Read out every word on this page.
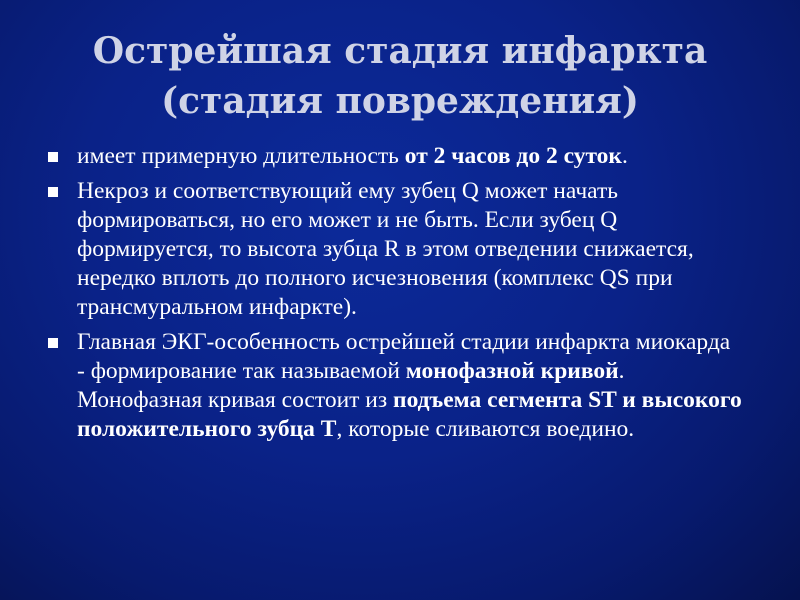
Острейшая стадия инфаркта
(стадия повреждения)
имеет примерную длительность от 2 часов до 2 суток.
Некроз и соответствующий ему зубец Q может начать формироваться, но его может и не быть. Если зубец Q формируется, то высота зубца R в этом отведении снижается, нередко вплоть до полного исчезновения (комплекс QS при трансмуральном инфаркте).
Главная ЭКГ-особенность острейшей стадии инфаркта миокарда - формирование так называемой монофазной кривой. Монофазная кривая состоит из подъема сегмента ST и высокого положительного зубца T, которые сливаются воедино.
